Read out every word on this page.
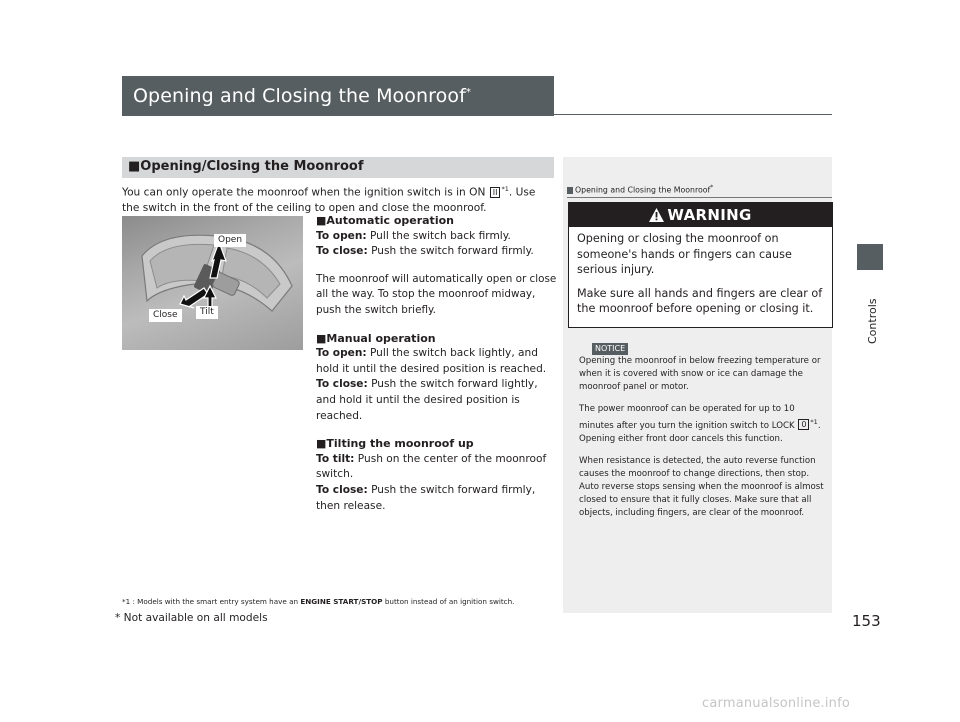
Opening and Closing the Moonroof*
Controls
■Opening/Closing the Moonroof
You can only operate the moonroof when the ignition switch is in ON II $^{*1}$. Use the switch in the front of the ceiling to open and close the moonroof.
Open
Close	Tilt
■Automatic operation
To open: Pull the switch back firmly.
To close: Push the switch forward firmly.
The moonroof will automatically open or close all the way. To stop the moonroof midway, push the switch briefly.
■Manual operation
To open: Pull the switch back lightly, and hold it until the desired position is reached.
To close: Push the switch forward lightly, and hold it until the desired position is reached.
■Tilting the moonroof up
To tilt: Push on the center of the moonroof switch.
To close: Push the switch forward firmly, then release.
*1 : Models with the smart entry system have an ENGINE START/STOP button instead of an ignition switch.
Opening and Closing the Moonroof*
WARNING

Opening or closing the moonroof on someone's hands or fingers can cause serious injury.

Make sure all hands and fingers are clear of the moonroof before opening or closing it.

NOTICE

Opening the moonroof in below freezing temperature or when it is covered with snow or ice can damage the moonroof panel or motor.

The power moonroof can be operated for up to 10 minutes after you turn the ignition switch to LOCK 0 $^{*1}$. Opening either front door cancels this function.

When resistance is detected, the auto reverse function causes the moonroof to change directions, then stop. Auto reverse stops sensing when the moonroof is almost closed to ensure that it fully closes. Make sure that all objects, including fingers, are clear of the moonroof.

* Not available on all models	153
carmanualsonline.info
